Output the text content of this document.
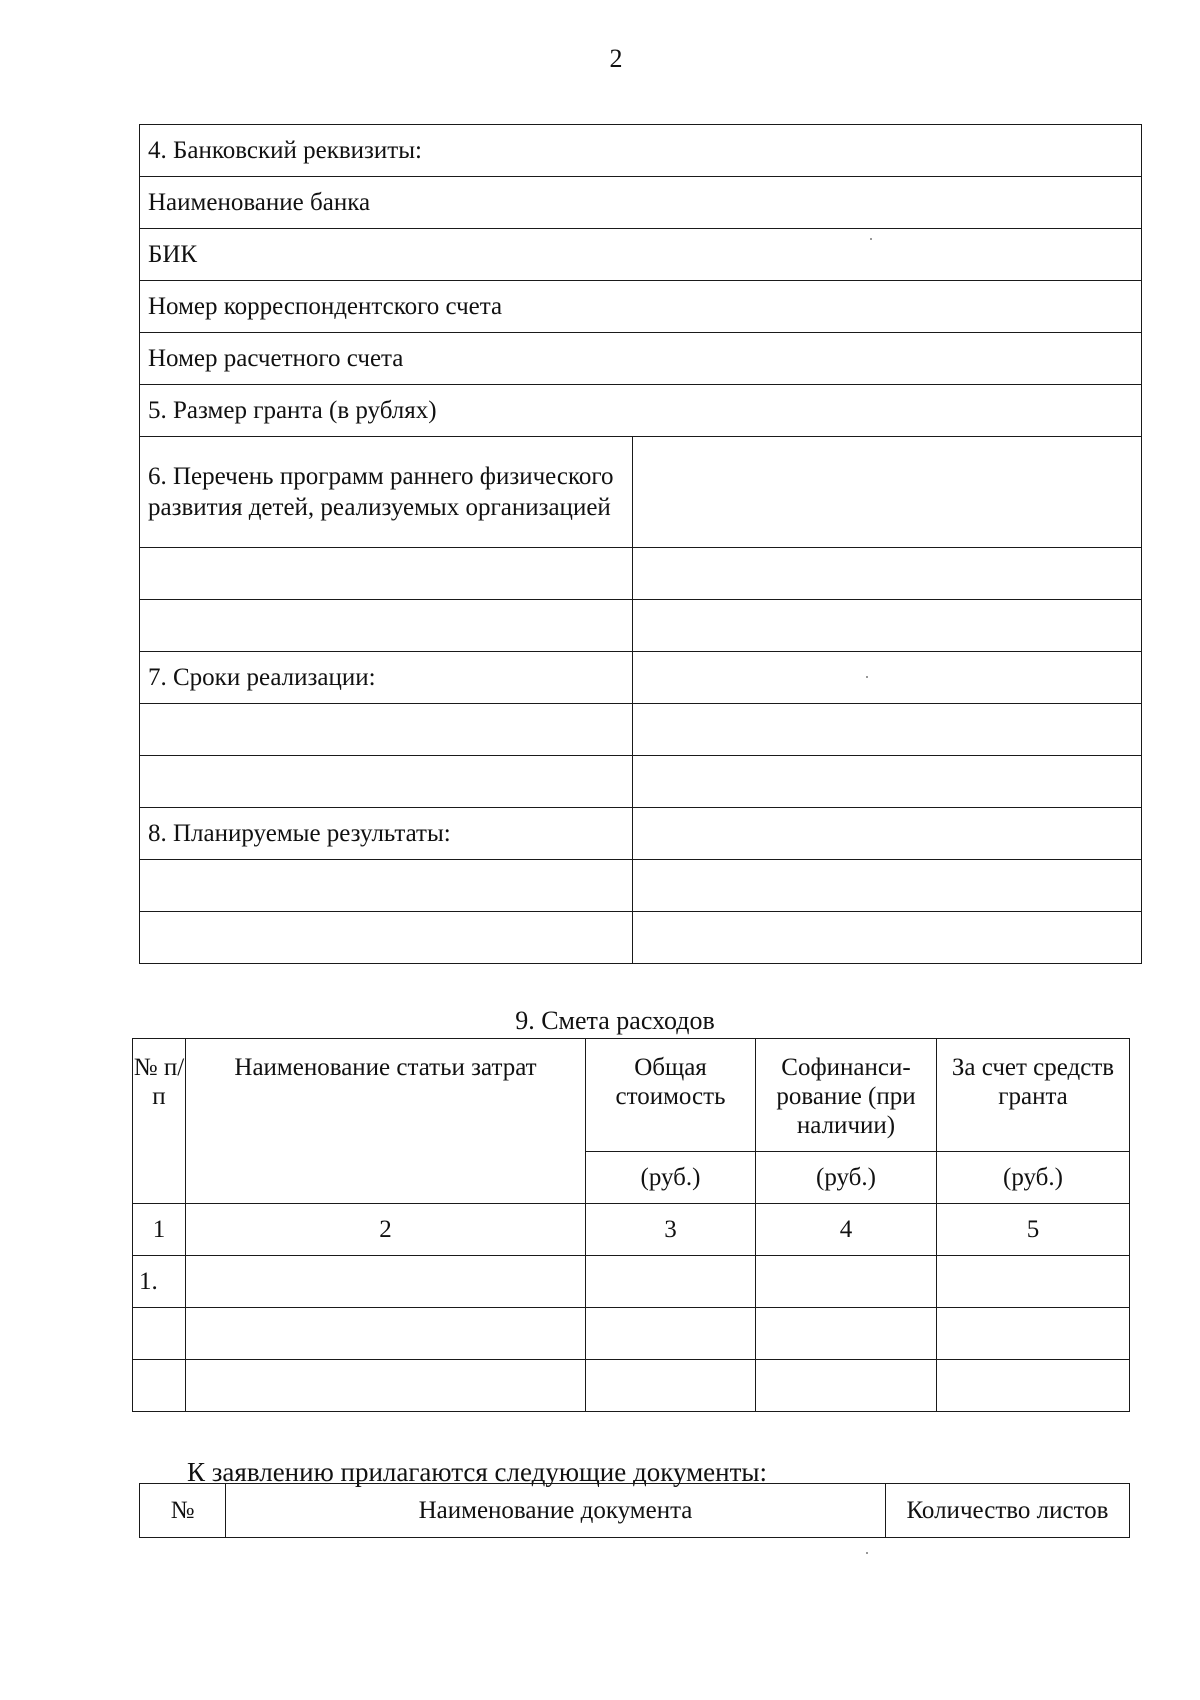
2
4. Банковский реквизиты:	
Наименование банка	
БИК	
Номер корреспондентского счета	
Номер расчетного счета	
5. Размер гранта (в рублях)	
6. Перечень программ раннего физического развития детей, реализуемых организацией	

7. Сроки реализации:	

8. Планируемые результаты:	

9. Смета расходов
№ п/п	Наименование статьи затрат	Общая стоимость	Софинанси-рование (при наличии)	За счет средств гранта
		(руб.)	(руб.)	(руб.)
1	2	3	4	5
1.				

К заявлению прилагаются следующие документы:
№	Наименование документа	Количество листов
